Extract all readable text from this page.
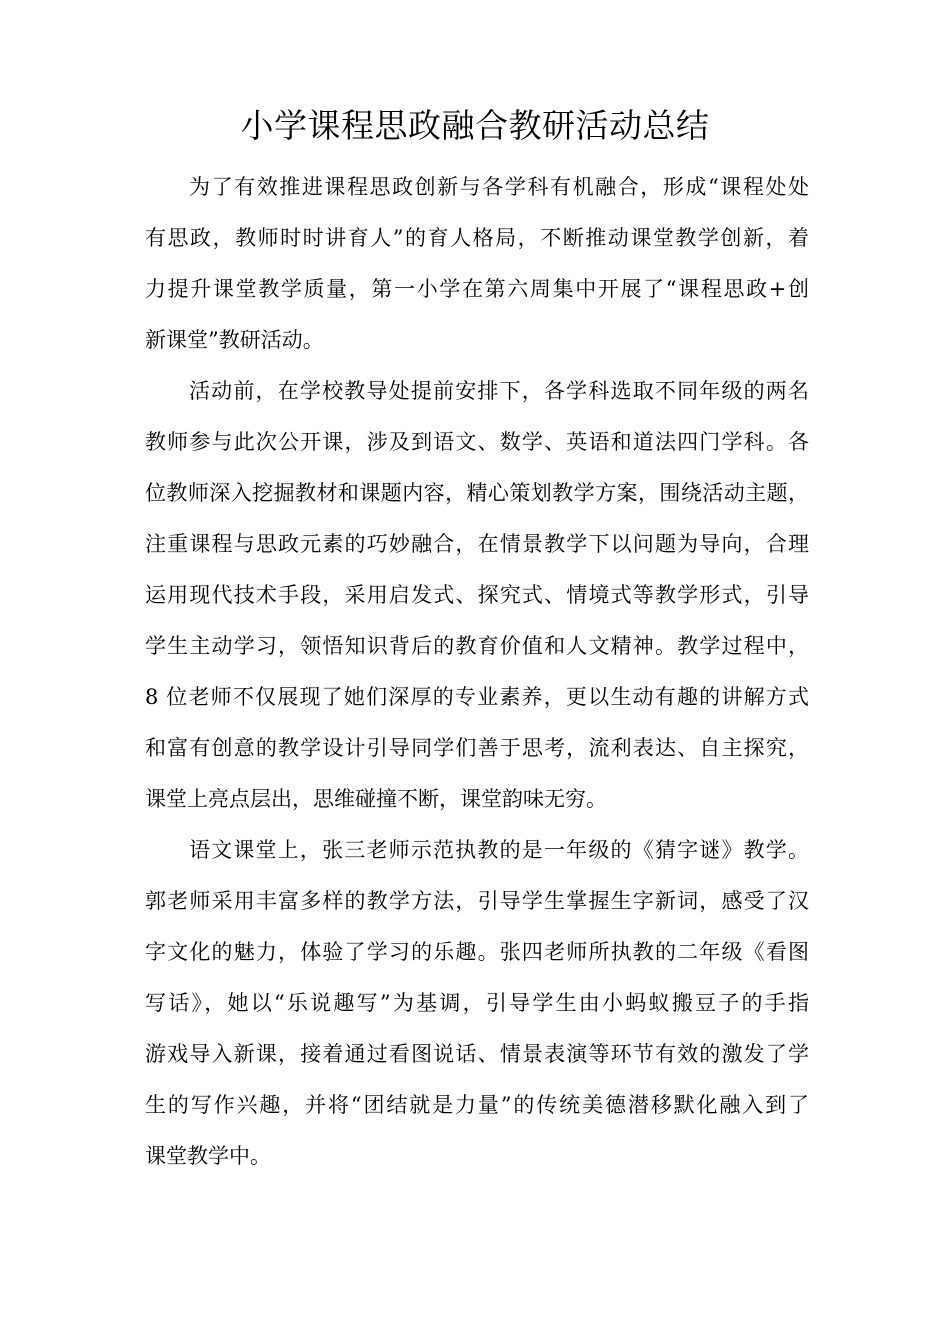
小学课程思政融合教研活动总结
为了有效推进课程思政创新与各学科有机融合，形成“课程处处
有思政，教师时时讲育人”的育人格局，不断推动课堂教学创新，着
力提升课堂教学质量，第一小学在第六周集中开展了“课程思政+创
新课堂”教研活动。
活动前，在学校教导处提前安排下，各学科选取不同年级的两名
教师参与此次公开课，涉及到语文、数学、英语和道法四门学科。各
位教师深入挖掘教材和课题内容，精心策划教学方案，围绕活动主题，
注重课程与思政元素的巧妙融合，在情景教学下以问题为导向，合理
运用现代技术手段，采用启发式、探究式、情境式等教学形式，引导
学生主动学习，领悟知识背后的教育价值和人文精神。教学过程中，
8 位老师不仅展现了她们深厚的专业素养，更以生动有趣的讲解方式
和富有创意的教学设计引导同学们善于思考，流利表达、自主探究，
课堂上亮点层出，思维碰撞不断，课堂韵味无穷。
语文课堂上，张三老师示范执教的是一年级的《猜字谜》教学。
郭老师采用丰富多样的教学方法，引导学生掌握生字新词，感受了汉
字文化的魅力，体验了学习的乐趣。张四老师所执教的二年级《看图
写话》，她以“乐说趣写”为基调，引导学生由小蚂蚁搬豆子的手指
游戏导入新课，接着通过看图说话、情景表演等环节有效的激发了学
生的写作兴趣，并将“团结就是力量”的传统美德潜移默化融入到了
课堂教学中。
